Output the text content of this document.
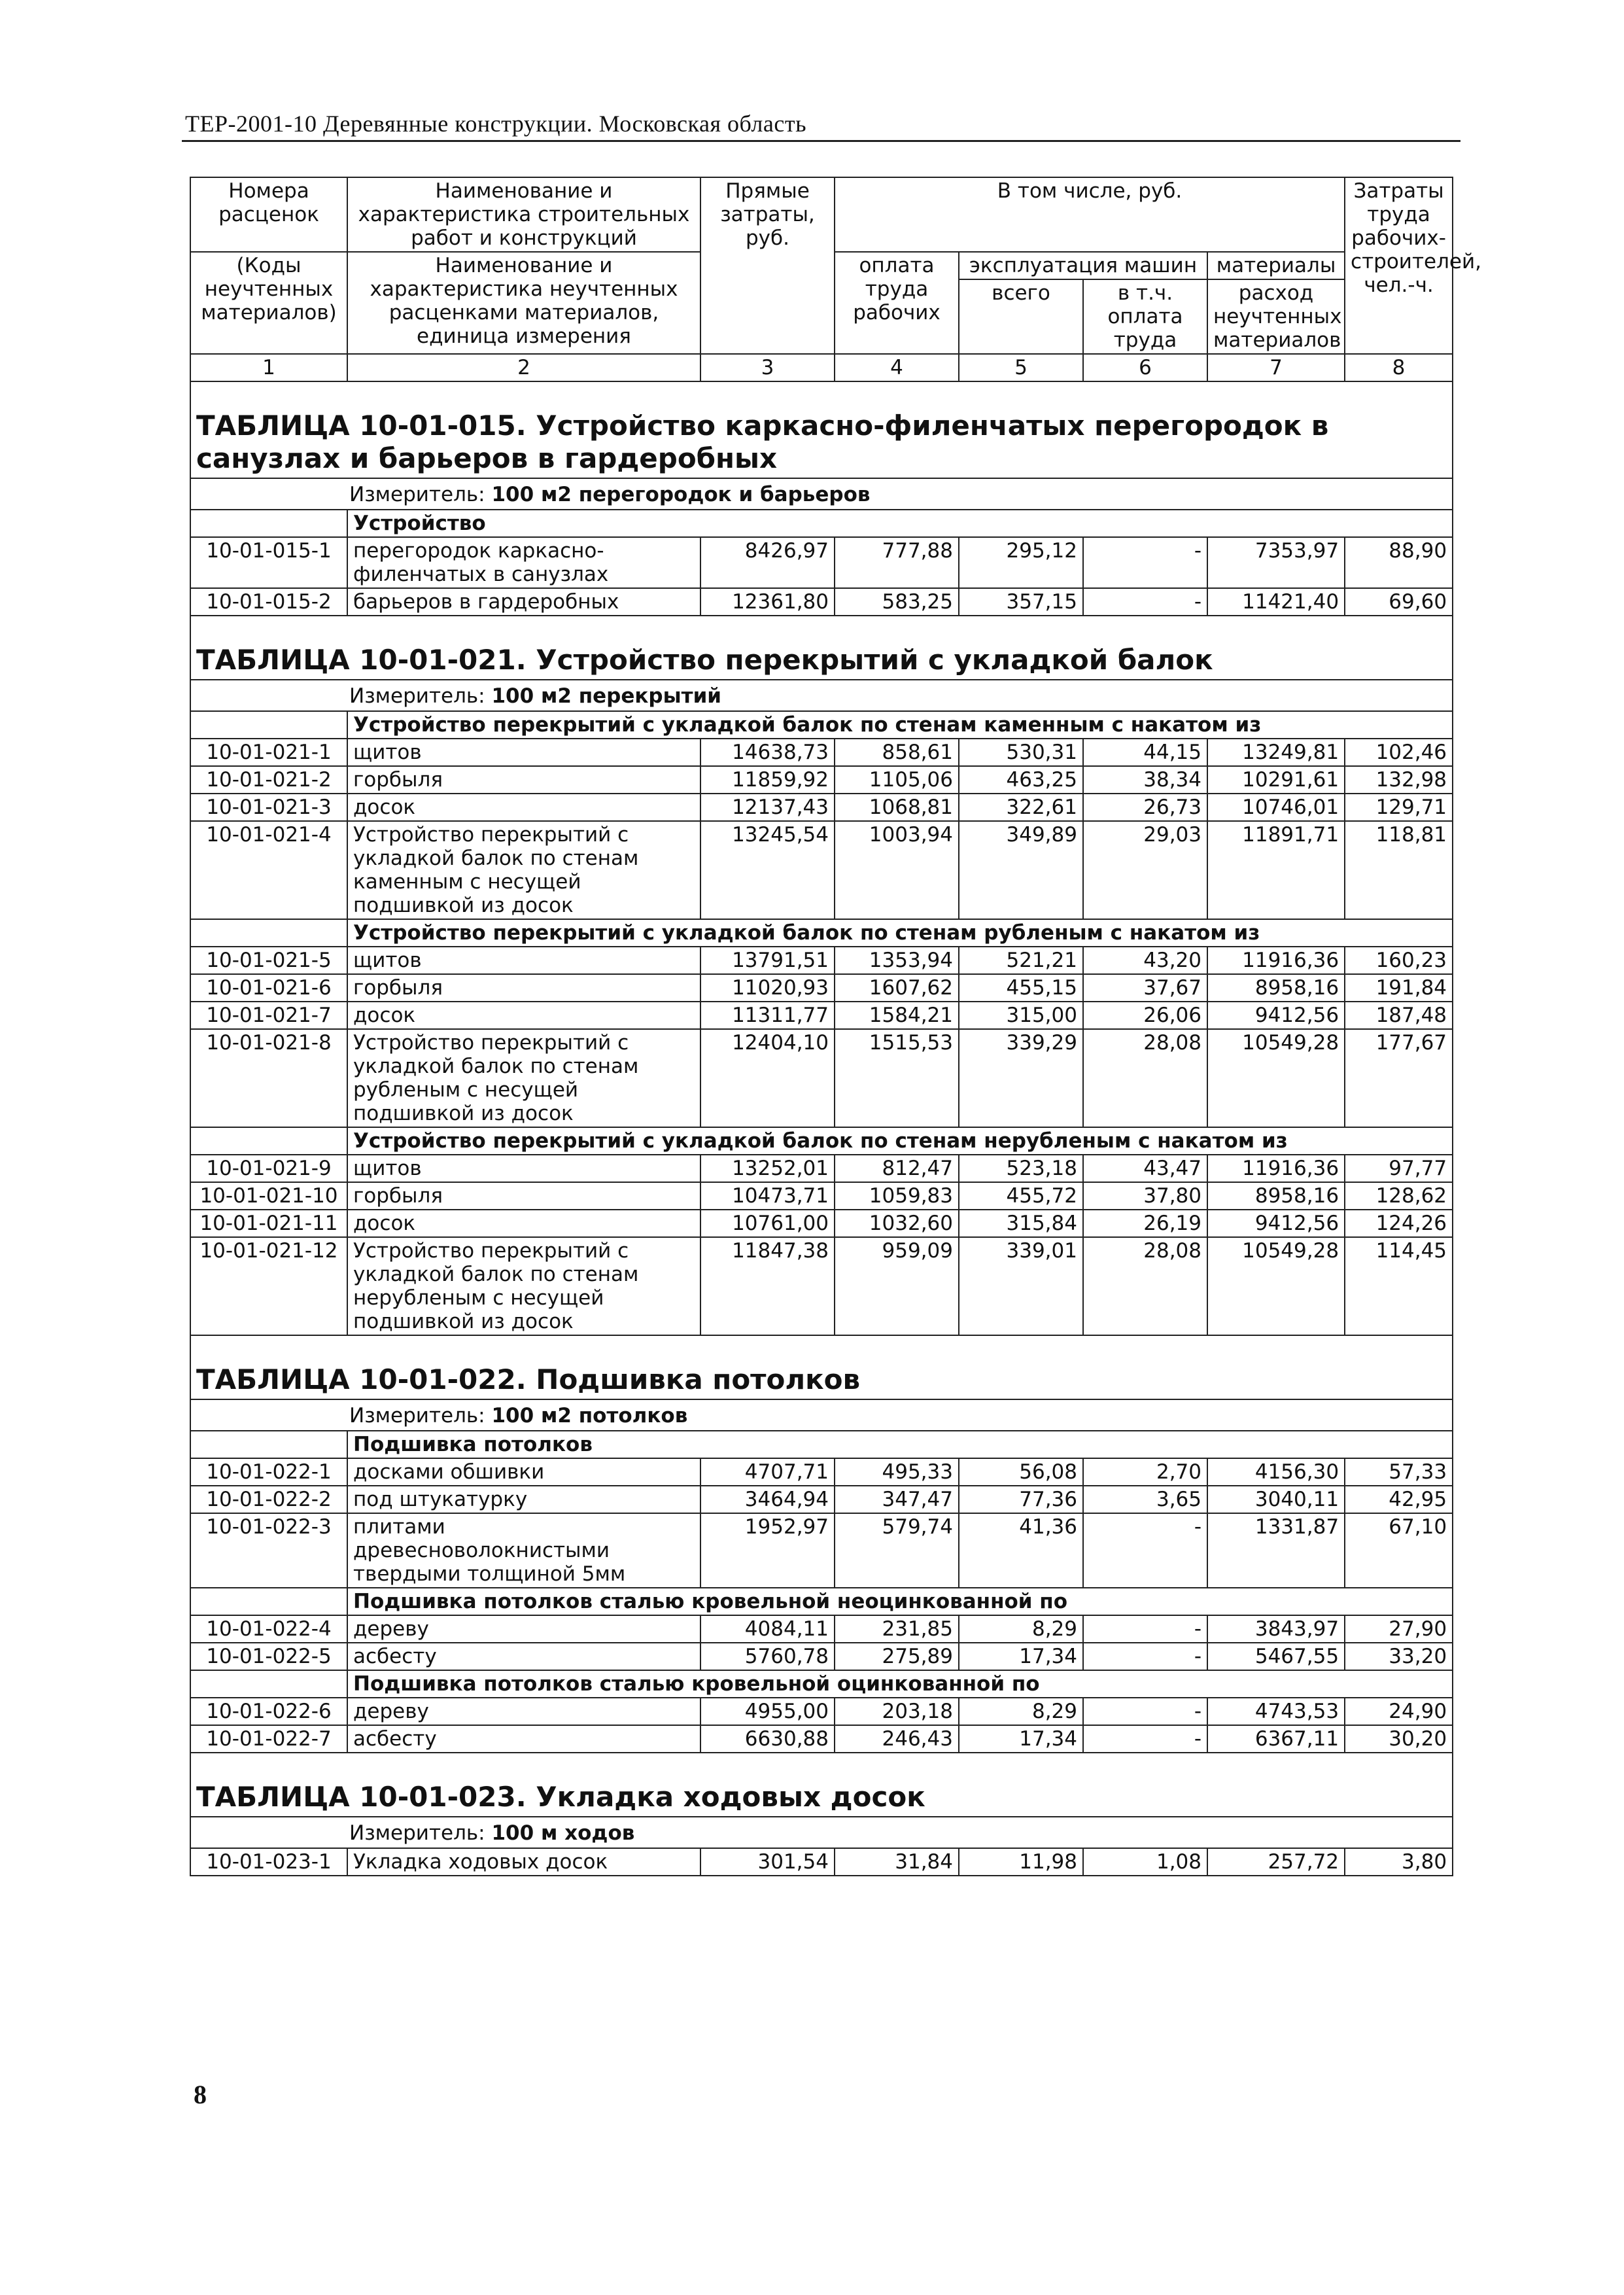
ТЕР-2001-10 Деревянные конструкции. Московская область
Номера расценок	Наименование и характеристика строительных работ и конструкций	Прямые затраты, руб.	В том числе, руб.				Затраты труда рабочих-строителей, чел.-ч.
(Коды неучтенных материалов)	Наименование и характеристика неучтенных расценками материалов, единица измерения		оплата труда рабочих	эксплуатация машин		материалы	
				всего	в т.ч. оплата труда	расход неучтенных материалов	
1	2	3	4	5	6	7	8
ТАБЛИЦА 10-01-015. Устройство каркасно-филенчатых перегородок в санузлах и барьеров в гардеробных							
Измеритель: 100 м2 перегородок и барьеров							
	Устройство						
10-01-015-1	перегородок каркасно-филенчатых в санузлах	8426,97	777,88	295,12	-	7353,97	88,90
10-01-015-2	барьеров в гардеробных	12361,80	583,25	357,15	-	11421,40	69,60
ТАБЛИЦА 10-01-021. Устройство перекрытий с укладкой балок							
Измеритель: 100 м2 перекрытий							
	Устройство перекрытий с укладкой балок по стенам каменным с накатом из						
10-01-021-1	щитов	14638,73	858,61	530,31	44,15	13249,81	102,46
10-01-021-2	горбыля	11859,92	1105,06	463,25	38,34	10291,61	132,98
10-01-021-3	досок	12137,43	1068,81	322,61	26,73	10746,01	129,71
10-01-021-4	Устройство перекрытий с укладкой балок по стенам каменным с несущей подшивкой из досок	13245,54	1003,94	349,89	29,03	11891,71	118,81
	Устройство перекрытий с укладкой балок по стенам рубленым с накатом из						
10-01-021-5	щитов	13791,51	1353,94	521,21	43,20	11916,36	160,23
10-01-021-6	горбыля	11020,93	1607,62	455,15	37,67	8958,16	191,84
10-01-021-7	досок	11311,77	1584,21	315,00	26,06	9412,56	187,48
10-01-021-8	Устройство перекрытий с укладкой балок по стенам рубленым с несущей подшивкой из досок	12404,10	1515,53	339,29	28,08	10549,28	177,67
	Устройство перекрытий с укладкой балок по стенам нерубленым с накатом из						
10-01-021-9	щитов	13252,01	812,47	523,18	43,47	11916,36	97,77
10-01-021-10	горбыля	10473,71	1059,83	455,72	37,80	8958,16	128,62
10-01-021-11	досок	10761,00	1032,60	315,84	26,19	9412,56	124,26
10-01-021-12	Устройство перекрытий с укладкой балок по стенам нерубленым с несущей подшивкой из досок	11847,38	959,09	339,01	28,08	10549,28	114,45
ТАБЛИЦА 10-01-022. Подшивка потолков							
Измеритель: 100 м2 потолков							
	Подшивка потолков						
10-01-022-1	досками обшивки	4707,71	495,33	56,08	2,70	4156,30	57,33
10-01-022-2	под штукатурку	3464,94	347,47	77,36	3,65	3040,11	42,95
10-01-022-3	плитами древесноволокнистыми твердыми толщиной 5мм	1952,97	579,74	41,36	-	1331,87	67,10
	Подшивка потолков сталью кровельной неоцинкованной по						
10-01-022-4	дереву	4084,11	231,85	8,29	-	3843,97	27,90
10-01-022-5	асбесту	5760,78	275,89	17,34	-	5467,55	33,20
	Подшивка потолков сталью кровельной оцинкованной по						
10-01-022-6	дереву	4955,00	203,18	8,29	-	4743,53	24,90
10-01-022-7	асбесту	6630,88	246,43	17,34	-	6367,11	30,20
ТАБЛИЦА 10-01-023. Укладка ходовых досок							
Измеритель: 100 м ходов							
10-01-023-1	Укладка ходовых досок	301,54	31,84	11,98	1,08	257,72	3,80
8
